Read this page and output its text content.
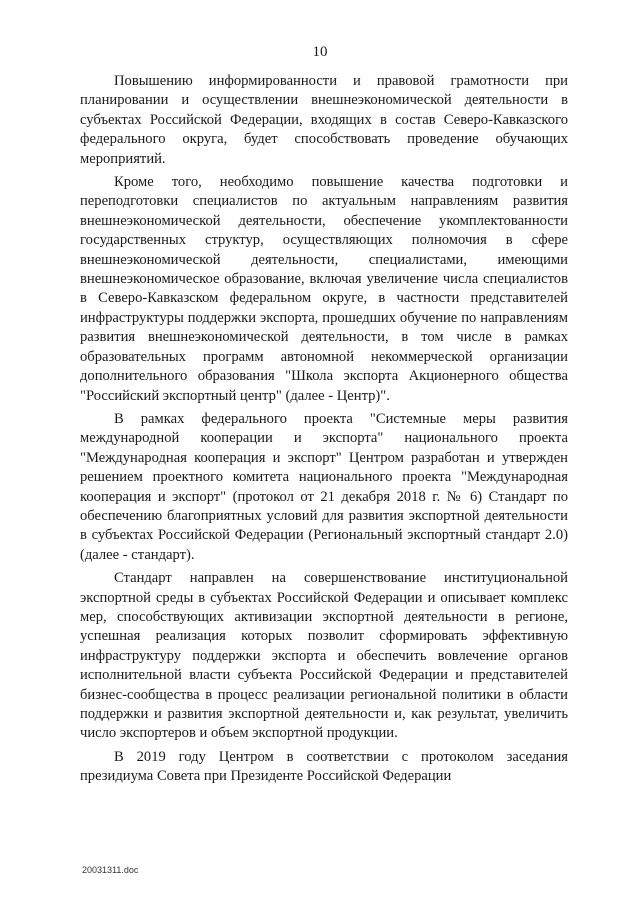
10

Повышению информированности и правовой грамотности при планировании и осуществлении внешнеэкономической деятельности в субъектах Российской Федерации, входящих в состав Северо-Кавказского федерального округа, будет способствовать проведение обучающих мероприятий.

Кроме того, необходимо повышение качества подготовки и переподготовки специалистов по актуальным направлениям развития внешнеэкономической деятельности, обеспечение укомплектованности государственных структур, осуществляющих полномочия в сфере внешнеэкономической деятельности, специалистами, имеющими внешнеэкономическое образование, включая увеличение числа специалистов в Северо-Кавказском федеральном округе, в частности представителей инфраструктуры поддержки экспорта, прошедших обучение по направлениям развития внешнеэкономической деятельности, в том числе в рамках образовательных программ автономной некоммерческой организации дополнительного образования "Школа экспорта Акционерного общества "Российский экспортный центр" (далее - Центр)".

В рамках федерального проекта "Системные меры развития международной кооперации и экспорта" национального проекта "Международная кооперация и экспорт" Центром разработан и утвержден решением проектного комитета национального проекта "Международная кооперация и экспорт" (протокол от 21 декабря 2018 г. № 6) Стандарт по обеспечению благоприятных условий для развития экспортной деятельности в субъектах Российской Федерации (Региональный экспортный стандарт 2.0) (далее - стандарт).

Стандарт направлен на совершенствование институциональной экспортной среды в субъектах Российской Федерации и описывает комплекс мер, способствующих активизации экспортной деятельности в регионе, успешная реализация которых позволит сформировать эффективную инфраструктуру поддержки экспорта и обеспечить вовлечение органов исполнительной власти субъекта Российской Федерации и представителей бизнес-сообщества в процесс реализации региональной политики в области поддержки и развития экспортной деятельности и, как результат, увеличить число экспортеров и объем экспортной продукции.

В 2019 году Центром в соответствии с протоколом заседания президиума Совета при Президенте Российской Федерации

20031311.doc
